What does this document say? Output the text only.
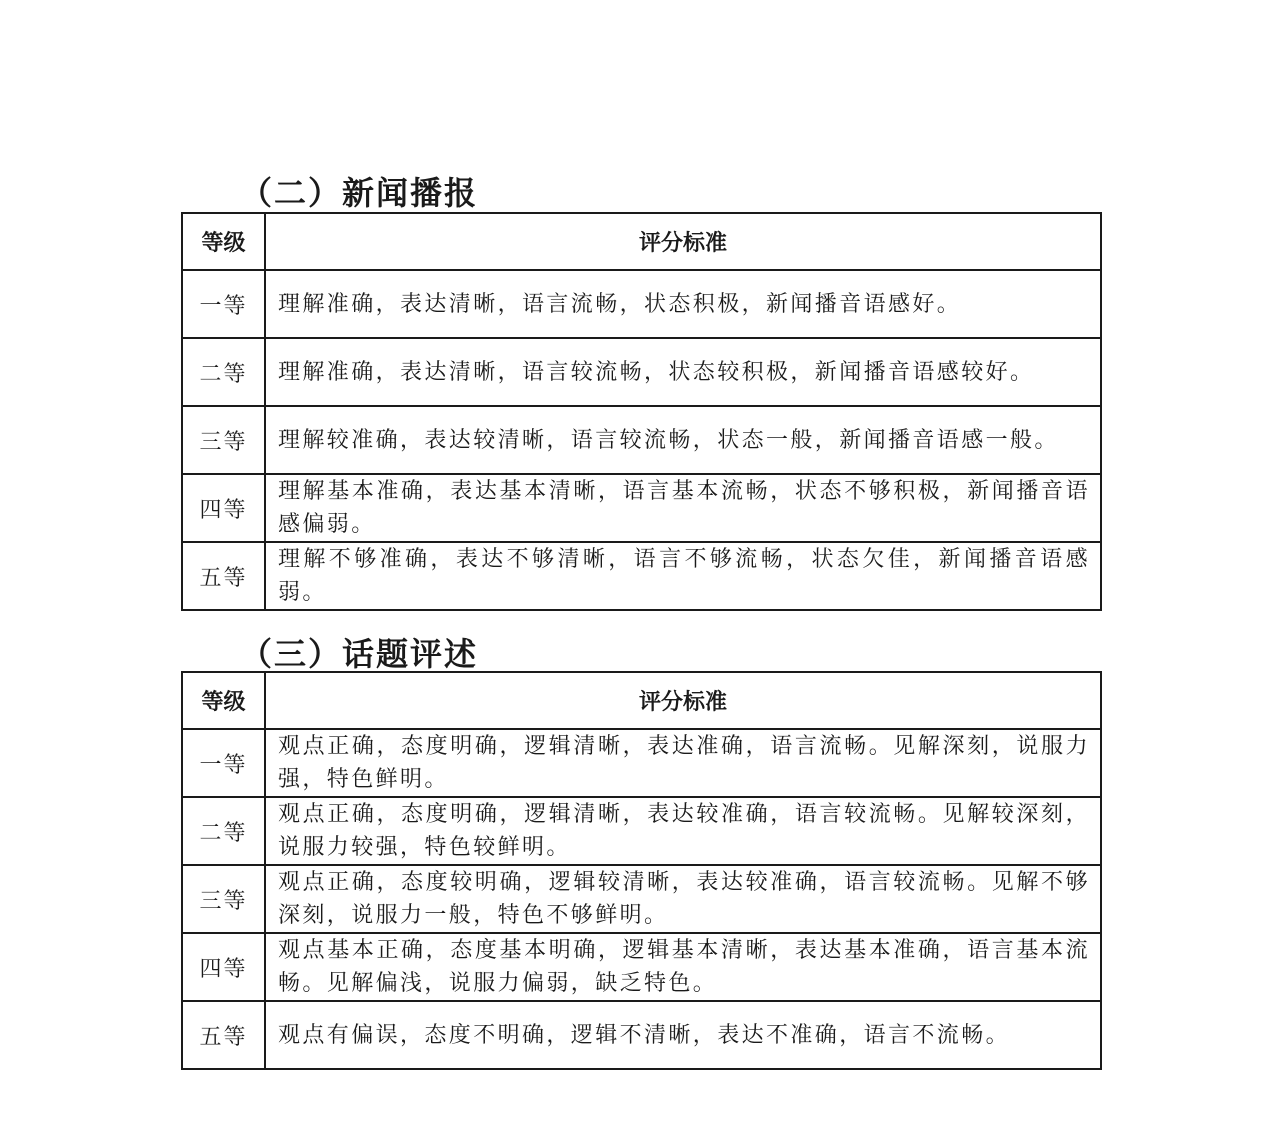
（二）新闻播报
等级	评分标准
一等	理解准确，表达清晰，语言流畅，状态积极，新闻播音语感好。
二等	理解准确，表达清晰，语言较流畅，状态较积极，新闻播音语感较好。
三等	理解较准确，表达较清晰，语言较流畅，状态一般，新闻播音语感一般。
四等	理解基本准确，表达基本清晰，语言基本流畅，状态不够积极，新闻播音语感偏弱。
五等	理解不够准确，表达不够清晰，语言不够流畅，状态欠佳，新闻播音语感弱。
（三）话题评述
等级	评分标准
一等	观点正确，态度明确，逻辑清晰，表达准确，语言流畅。见解深刻，说服力强，特色鲜明。
二等	观点正确，态度明确，逻辑清晰，表达较准确，语言较流畅。见解较深刻，说服力较强，特色较鲜明。
三等	观点正确，态度较明确，逻辑较清晰，表达较准确，语言较流畅。见解不够深刻，说服力一般，特色不够鲜明。
四等	观点基本正确，态度基本明确，逻辑基本清晰，表达基本准确，语言基本流畅。见解偏浅，说服力偏弱，缺乏特色。
五等	观点有偏误，态度不明确，逻辑不清晰，表达不准确，语言不流畅。
